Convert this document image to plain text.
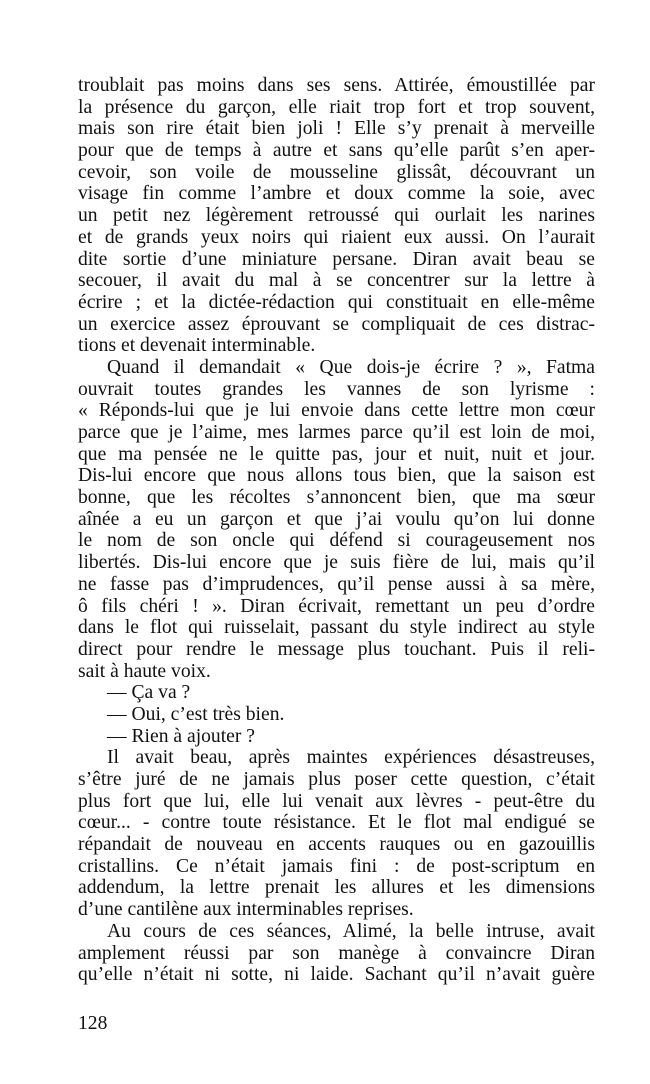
troublait pas moins dans ses sens. Attirée, émoustillée par
la présence du garçon, elle riait trop fort et trop souvent,
mais son rire était bien joli ! Elle s’y prenait à merveille
pour que de temps à autre et sans qu’elle parût s’en aper-
cevoir, son voile de mousseline glissât, découvrant un
visage fin comme l’ambre et doux comme la soie, avec
un petit nez légèrement retroussé qui ourlait les narines
et de grands yeux noirs qui riaient eux aussi. On l’aurait
dite sortie d’une miniature persane. Diran avait beau se
secouer, il avait du mal à se concentrer sur la lettre à
écrire ; et la dictée-rédaction qui constituait en elle-même
un exercice assez éprouvant se compliquait de ces distrac-
tions et devenait interminable.
Quand il demandait « Que dois-je écrire ? », Fatma
ouvrait toutes grandes les vannes de son lyrisme :
« Réponds-lui que je lui envoie dans cette lettre mon cœur
parce que je l’aime, mes larmes parce qu’il est loin de moi,
que ma pensée ne le quitte pas, jour et nuit, nuit et jour.
Dis-lui encore que nous allons tous bien, que la saison est
bonne, que les récoltes s’annoncent bien, que ma sœur
aînée a eu un garçon et que j’ai voulu qu’on lui donne
le nom de son oncle qui défend si courageusement nos
libertés. Dis-lui encore que je suis fière de lui, mais qu’il
ne fasse pas d’imprudences, qu’il pense aussi à sa mère,
ô fils chéri ! ». Diran écrivait, remettant un peu d’ordre
dans le flot qui ruisselait, passant du style indirect au style
direct pour rendre le message plus touchant. Puis il reli-
sait à haute voix.
— Ça va ?
— Oui, c’est très bien.
— Rien à ajouter ?
Il avait beau, après maintes expériences désastreuses,
s’être juré de ne jamais plus poser cette question, c’était
plus fort que lui, elle lui venait aux lèvres - peut-être du
cœur... - contre toute résistance. Et le flot mal endigué se
répandait de nouveau en accents rauques ou en gazouillis
cristallins. Ce n’était jamais fini : de post-scriptum en
addendum, la lettre prenait les allures et les dimensions
d’une cantilène aux interminables reprises.
Au cours de ces séances, Alimé, la belle intruse, avait
amplement réussi par son manège à convaincre Diran
qu’elle n’était ni sotte, ni laide. Sachant qu’il n’avait guère
128
